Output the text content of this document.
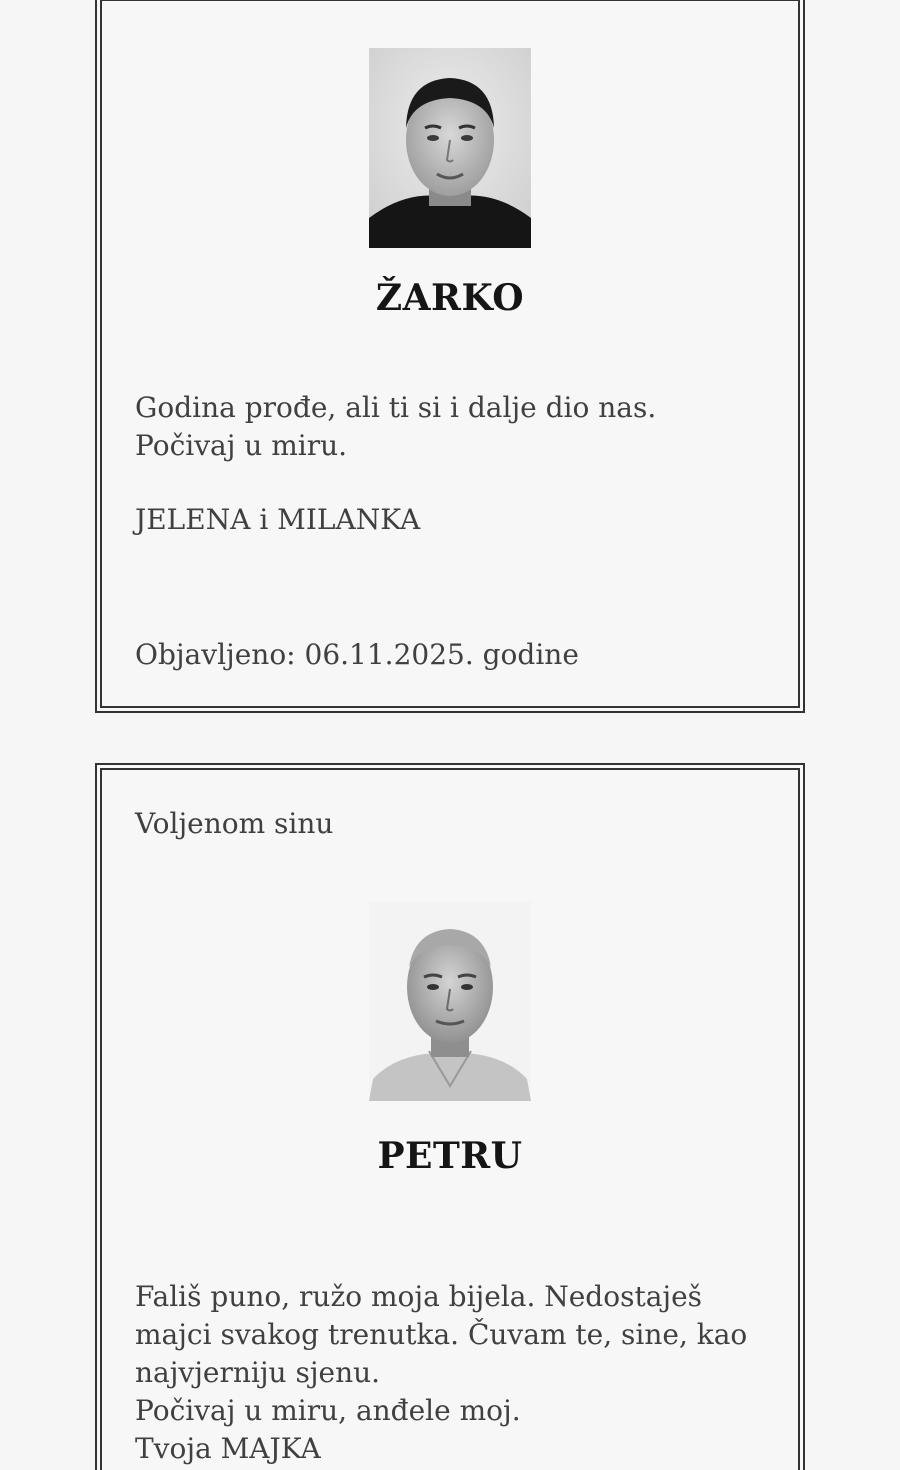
ŽARKO
Godina prođe, ali ti si i dalje dio nas.
Počivaj u miru.
JELENA i MILANKA
Objavljeno: 06.11.2025. godine
Voljenom sinu
PETRU
Fališ puno, ružo moja bijela. Nedostaješ
majci svakog trenutka. Čuvam te, sine, kao
najvjerniju sjenu.
Počivaj u miru, anđele moj.
Tvoja MAJKA
